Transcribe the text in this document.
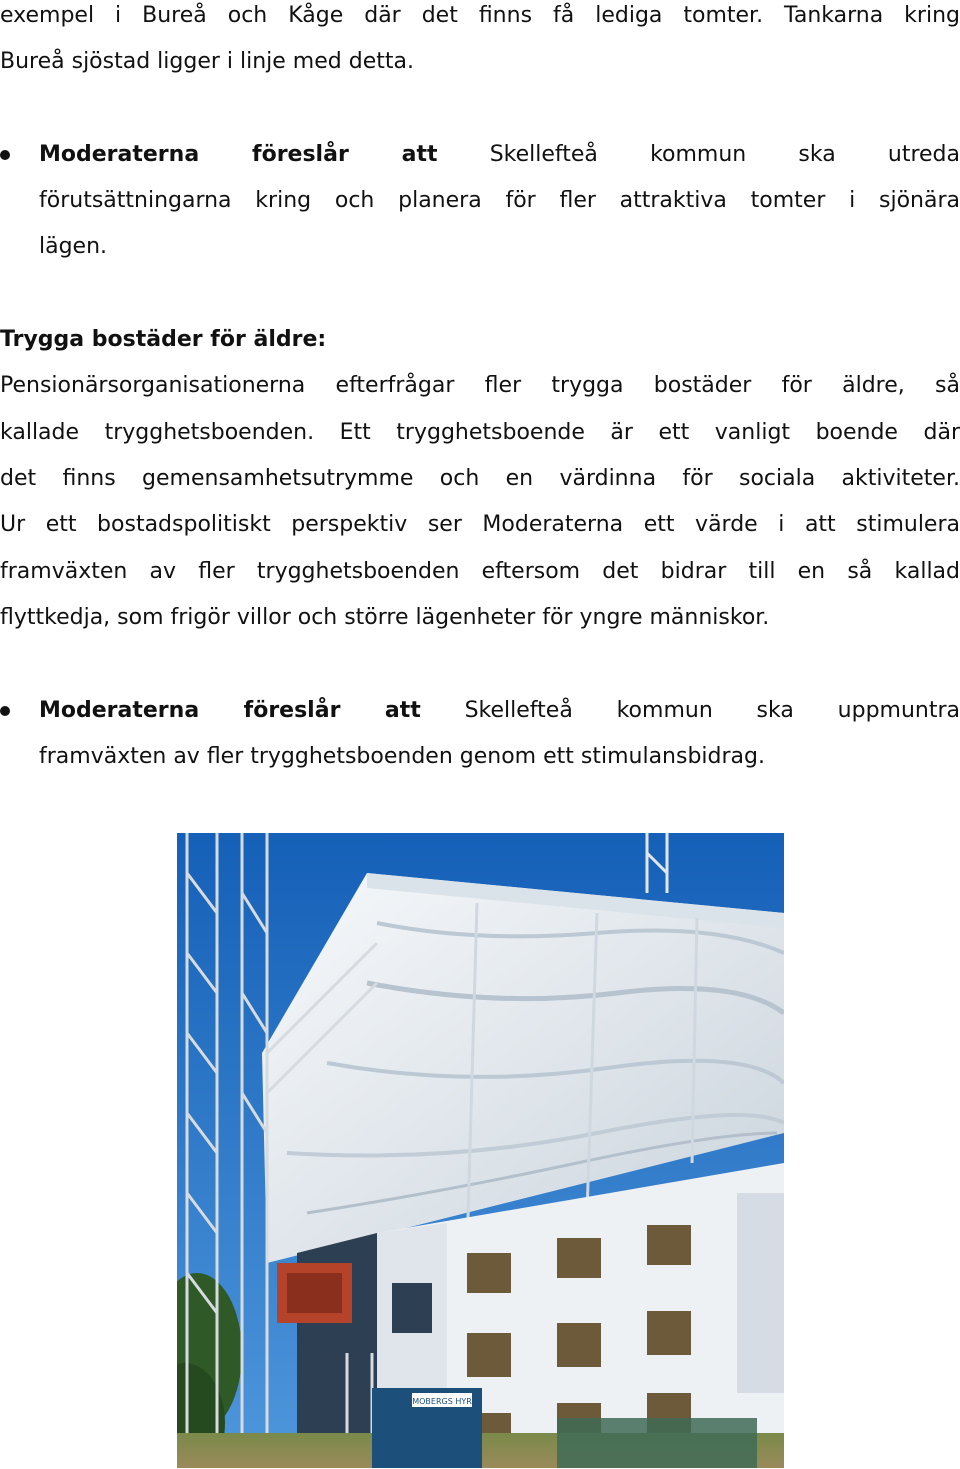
exempel i Bureå och Kåge där det finns få lediga tomter. Tankarna kring
Bureå sjöstad ligger i linje med detta.
Moderaterna föreslår att Skellefteå kommun ska utreda
förutsättningarna kring och planera för fler attraktiva tomter i sjönära
lägen.
Trygga bostäder för äldre:
Pensionärsorganisationerna efterfrågar fler trygga bostäder för äldre, så
kallade trygghetsboenden. Ett trygghetsboende är ett vanligt boende där
det finns gemensamhetsutrymme och en värdinna för sociala aktiviteter.
Ur ett bostadspolitiskt perspektiv ser Moderaterna ett värde i att stimulera
framväxten av fler trygghetsboenden eftersom det bidrar till en så kallad
flyttkedja, som frigör villor och större lägenheter för yngre människor.
Moderaterna föreslår att Skellefteå kommun ska uppmuntra
framväxten av fler trygghetsboenden genom ett stimulansbidrag.
MOBERGS HYR
